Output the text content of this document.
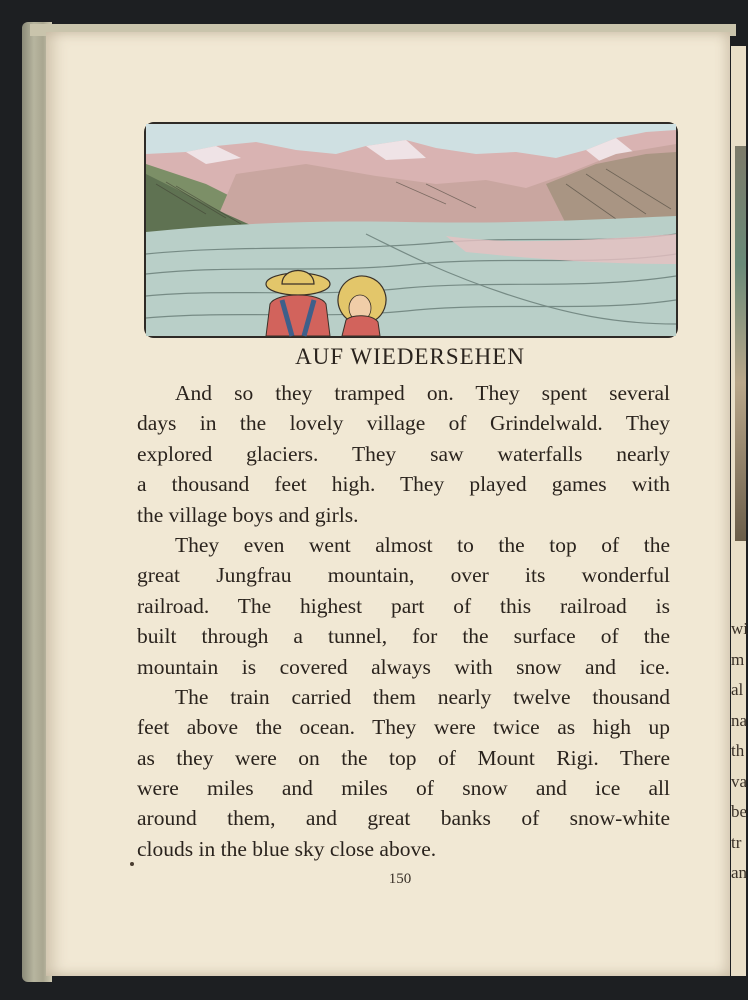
wi
m
al
na
th
va
be
tr
an
AUF WIEDERSEHEN
And so they tramped on. They spent several
days in the lovely village of Grindelwald. They
explored glaciers. They saw waterfalls nearly
a thousand feet high. They played games with
the village boys and girls.
They even went almost to the top of the
great Jungfrau mountain, over its wonderful
railroad. The highest part of this railroad is
built through a tunnel, for the surface of the
mountain is covered always with snow and ice.
The train carried them nearly twelve thousand
feet above the ocean. They were twice as high up
as they were on the top of Mount Rigi. There
were miles and miles of snow and ice all
around them, and great banks of snow-white
clouds in the blue sky close above.
150
